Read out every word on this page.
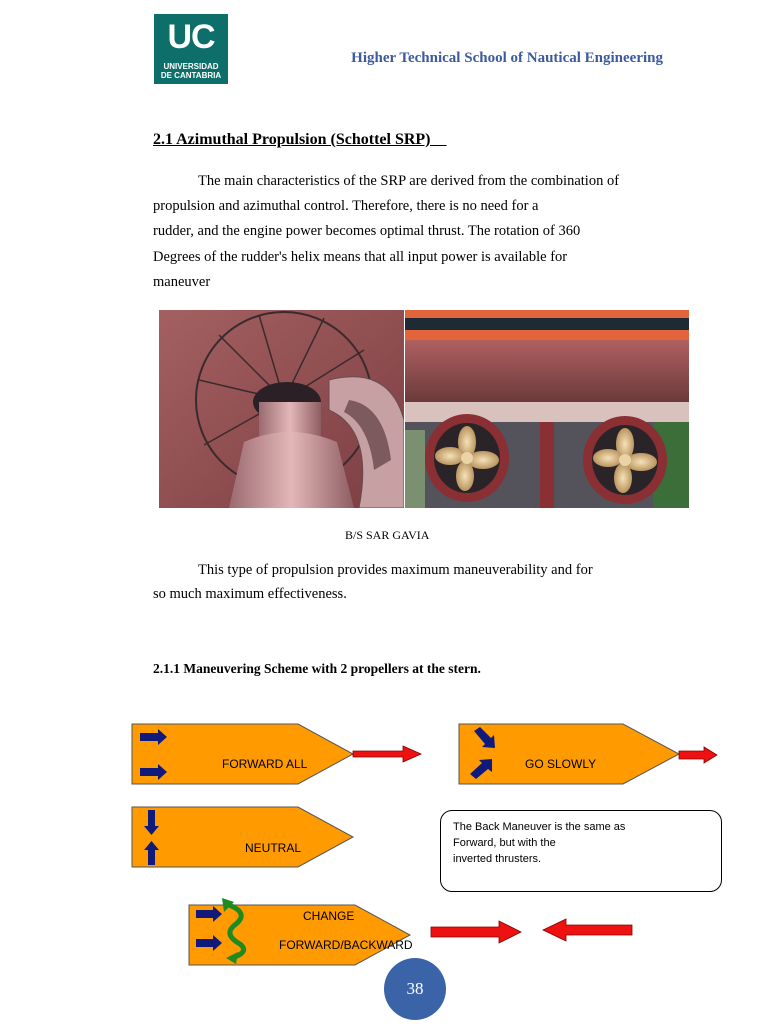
UC
UNIVERSIDAD
DE CANTABRIA
Higher Technical School of Nautical Engineering
2.1 Azimuthal Propulsion (Schottel SRP)
The main characteristics of the SRP are derived from the combination of
propulsion and azimuthal control. Therefore, there is no need for a
rudder, and the engine power becomes optimal thrust. The rotation of 360
Degrees of the rudder's helix means that all input power is available for
maneuver
B/S SAR GAVIA
This type of propulsion provides maximum maneuverability and for
so much maximum effectiveness.
2.1.1 Maneuvering Scheme with 2 propellers at the stern.
FORWARD ALL	GO SLOWLY
NEUTRAL
CHANGE
FORWARD/BACKWARD
The Back Maneuver is the same as
Forward, but with the
inverted thrusters.
38
